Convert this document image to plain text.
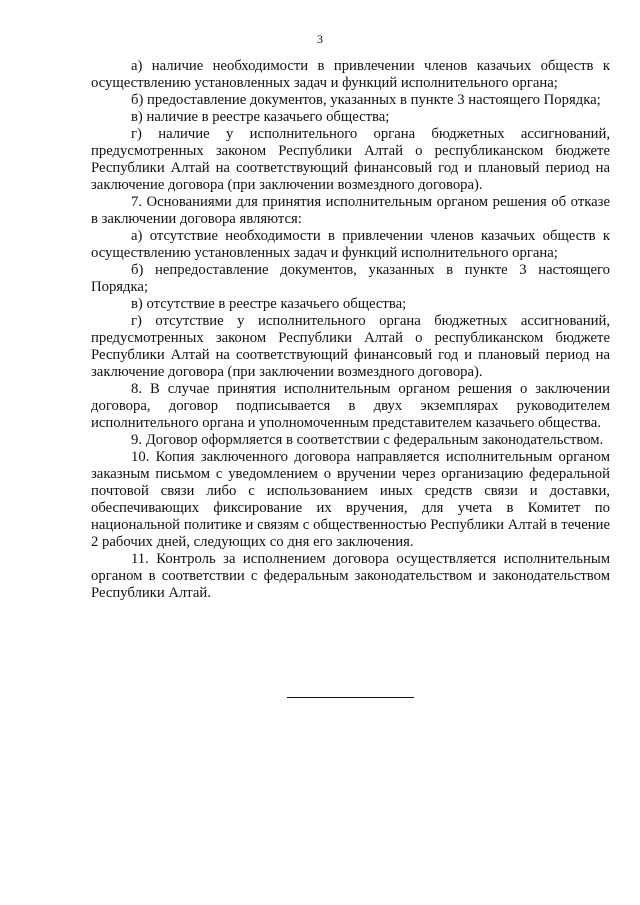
3

а) наличие необходимости в привлечении членов казачьих обществ к осуществлению установленных задач и функций исполнительного органа;

б) предоставление документов, указанных в пункте 3 настоящего Порядка;

в) наличие в реестре казачьего общества;

г) наличие у исполнительного органа бюджетных ассигнований, предусмотренных законом Республики Алтай о республиканском бюджете Республики Алтай на соответствующий финансовый год и плановый период на заключение договора (при заключении возмездного договора).

7. Основаниями для принятия исполнительным органом решения об отказе в заключении договора являются:

а) отсутствие необходимости в привлечении членов казачьих обществ к осуществлению установленных задач и функций исполнительного органа;

б) непредоставление документов, указанных в пункте 3 настоящего Порядка;

в) отсутствие в реестре казачьего общества;

г) отсутствие у исполнительного органа бюджетных ассигнований, предусмотренных законом Республики Алтай о республиканском бюджете Республики Алтай на соответствующий финансовый год и плановый период на заключение договора (при заключении возмездного договора).

8. В случае принятия исполнительным органом решения о заключении договора, договор подписывается в двух экземплярах руководителем исполнительного органа и уполномоченным представителем казачьего общества.

9. Договор оформляется в соответствии с федеральным законодательством.

10. Копия заключенного договора направляется исполнительным органом заказным письмом с уведомлением о вручении через организацию федеральной почтовой связи либо с использованием иных средств связи и доставки, обеспечивающих фиксирование их вручения, для учета в Комитет по национальной политике и связям с общественностью Республики Алтай в течение 2 рабочих дней, следующих со дня его заключения.

11. Контроль за исполнением договора осуществляется исполнительным органом в соответствии с федеральным законодательством и законодательством Республики Алтай.
